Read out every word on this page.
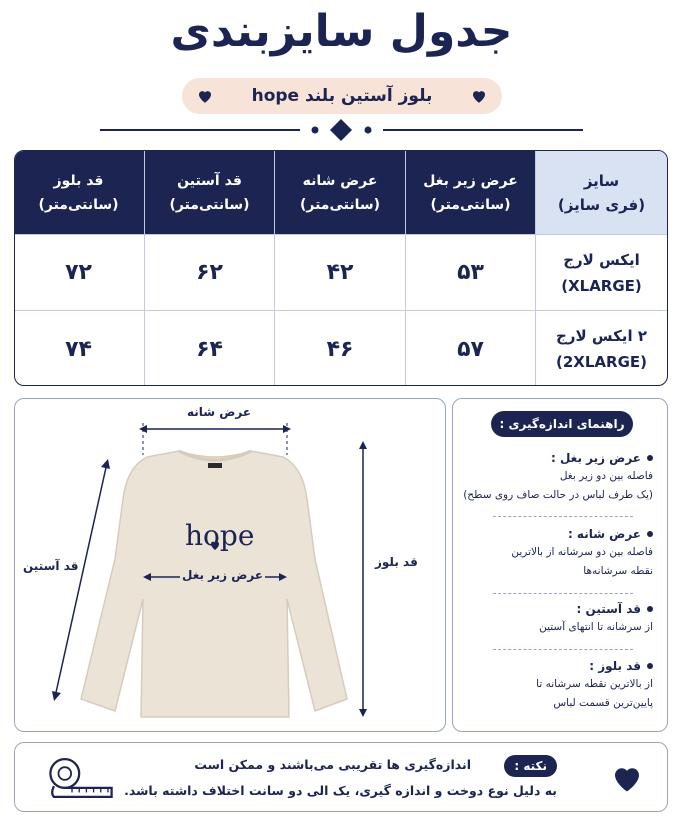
جدول سایزبندی
بلوز آستین بلند hope
سایز
(فری سایز)
عرض زیر بغل
(سانتی‌متر)
عرض شانه
(سانتی‌متر)
قد آستین
(سانتی‌متر)
قد بلوز
(سانتی‌متر)
ایکس لارج
(XLARGE)
۵۳
۴۲
۶۲
۷۲
۲ ایکس لارج
(2XLARGE)
۵۷
۴۶
۶۴
۷۴
hope
عرض شانه
عرض زیر بغل
قد آستین	قد بلوز
راهنمای اندازه‌گیری :
عرض زیر بغل :
فاصله بین دو زیر بغل
(یک طرف لباس در حالت صاف روی سطح)
عرض شانه :
فاصله بین دو سرشانه از بالاترین
نقطه سرشانه‌ها
قد آستین :
از سرشانه تا انتهای آستین
قد بلوز :
از بالاترین نقطه سرشانه تا
پایین‌ترین قسمت لباس
نکته :
اندازه‌گیری ها تقریبی می‌باشند و ممکن است
به دلیل نوع دوخت و اندازه گیری، یک الی دو سانت اختلاف داشته باشد.
